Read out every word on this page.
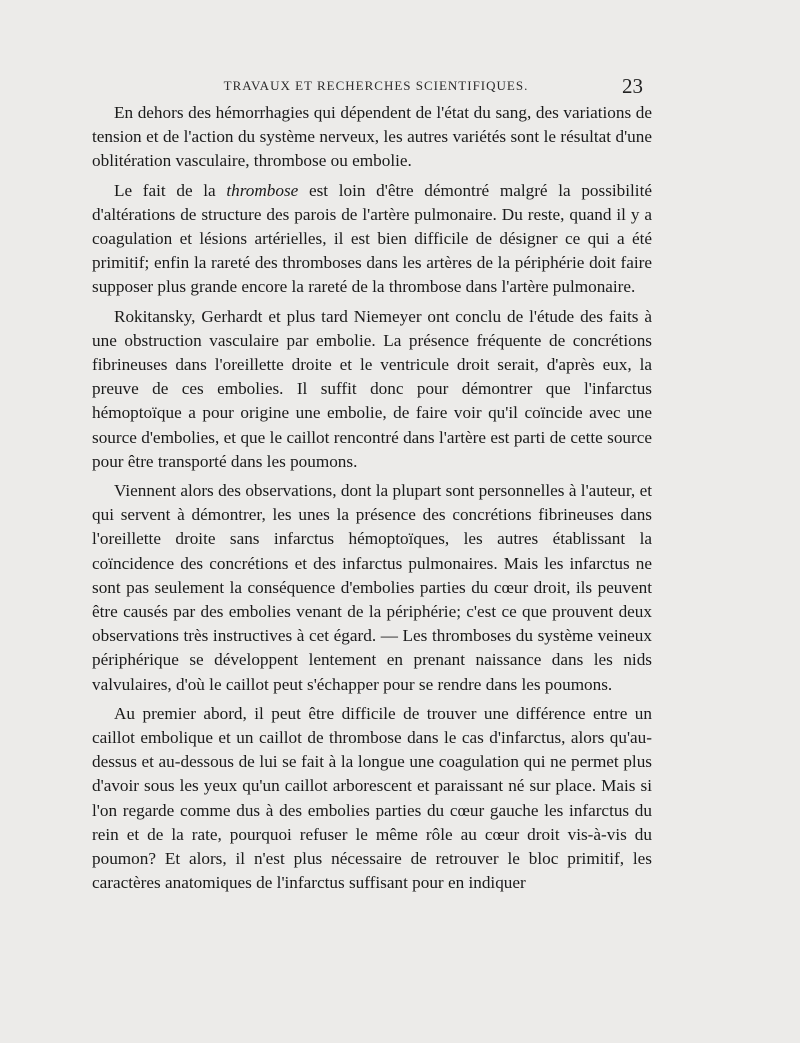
TRAVAUX ET RECHERCHES SCIENTIFIQUES.	23

En dehors des hémorrhagies qui dépendent de l'état du sang, des variations de tension et de l'action du système nerveux, les autres variétés sont le résultat d'une oblitération vasculaire, thrombose ou embolie.

Le fait de la thrombose est loin d'être démontré malgré la possibilité d'altérations de structure des parois de l'artère pulmonaire. Du reste, quand il y a coagulation et lésions artérielles, il est bien difficile de désigner ce qui a été primitif; enfin la rareté des thromboses dans les artères de la périphérie doit faire supposer plus grande encore la rareté de la thrombose dans l'artère pulmonaire.

Rokitansky, Gerhardt et plus tard Niemeyer ont conclu de l'étude des faits à une obstruction vasculaire par embolie. La présence fréquente de concrétions fibrineuses dans l'oreillette droite et le ventricule droit serait, d'après eux, la preuve de ces embolies. Il suffit donc pour démontrer que l'infarctus hémoptoïque a pour origine une embolie, de faire voir qu'il coïncide avec une source d'embolies, et que le caillot rencontré dans l'artère est parti de cette source pour être transporté dans les poumons.

Viennent alors des observations, dont la plupart sont personnelles à l'auteur, et qui servent à démontrer, les unes la présence des concrétions fibrineuses dans l'oreillette droite sans infarctus hémoptoïques, les autres établissant la coïncidence des concrétions et des infarctus pulmonaires. Mais les infarctus ne sont pas seulement la conséquence d'embolies parties du cœur droit, ils peuvent être causés par des embolies venant de la périphérie; c'est ce que prouvent deux observations très instructives à cet égard. — Les thromboses du système veineux périphérique se développent lentement en prenant naissance dans les nids valvulaires, d'où le caillot peut s'échapper pour se rendre dans les poumons.

Au premier abord, il peut être difficile de trouver une différence entre un caillot embolique et un caillot de thrombose dans le cas d'infarctus, alors qu'au-dessus et au-dessous de lui se fait à la longue une coagulation qui ne permet plus d'avoir sous les yeux qu'un caillot arborescent et paraissant né sur place. Mais si l'on regarde comme dus à des embolies parties du cœur gauche les infarctus du rein et de la rate, pourquoi refuser le même rôle au cœur droit vis-à-vis du poumon? Et alors, il n'est plus nécessaire de retrouver le bloc primitif, les caractères anatomiques de l'infarctus suffisant pour en indiquer
